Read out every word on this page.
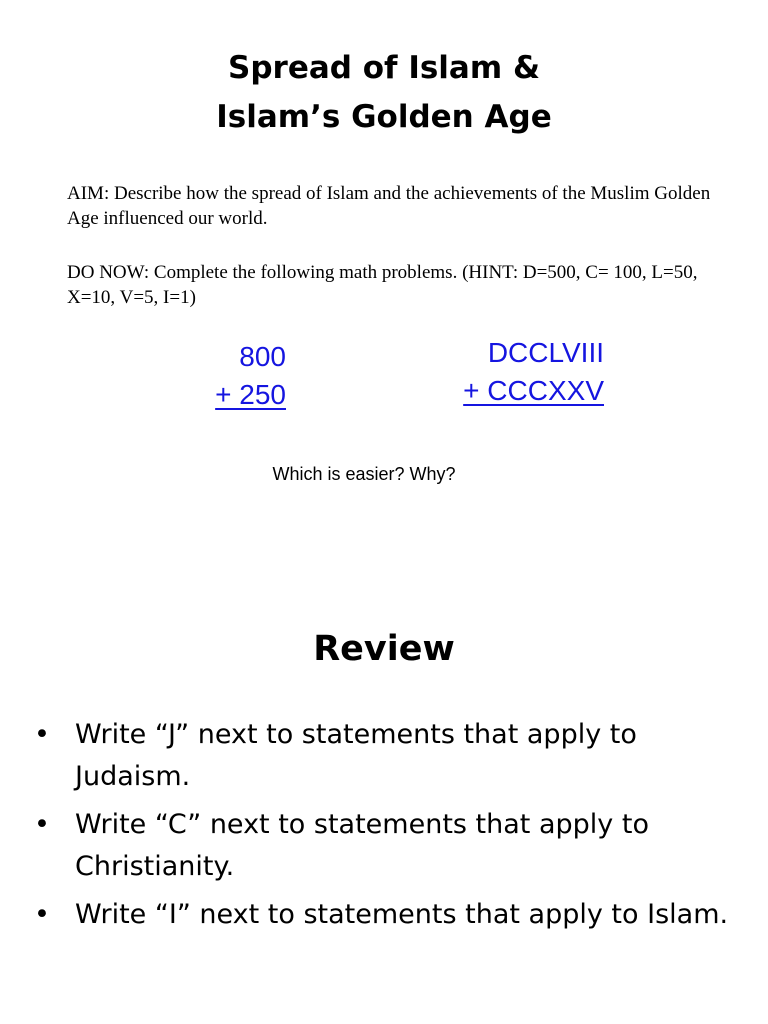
Spread of Islam &
Islam’s Golden Age
AIM: Describe how the spread of Islam and the achievements of the Muslim Golden Age influenced our world.
DO NOW: Complete the following math problems. (HINT: D=500, C= 100, L=50, X=10, V=5, I=1)
800
+ 250
DCCLVIII
+ CCCXXV
Which is easier? Why?
Review
• Write “J” next to statements that apply to Judaism.
• Write “C” next to statements that apply to Christianity.
• Write “I” next to statements that apply to Islam.
